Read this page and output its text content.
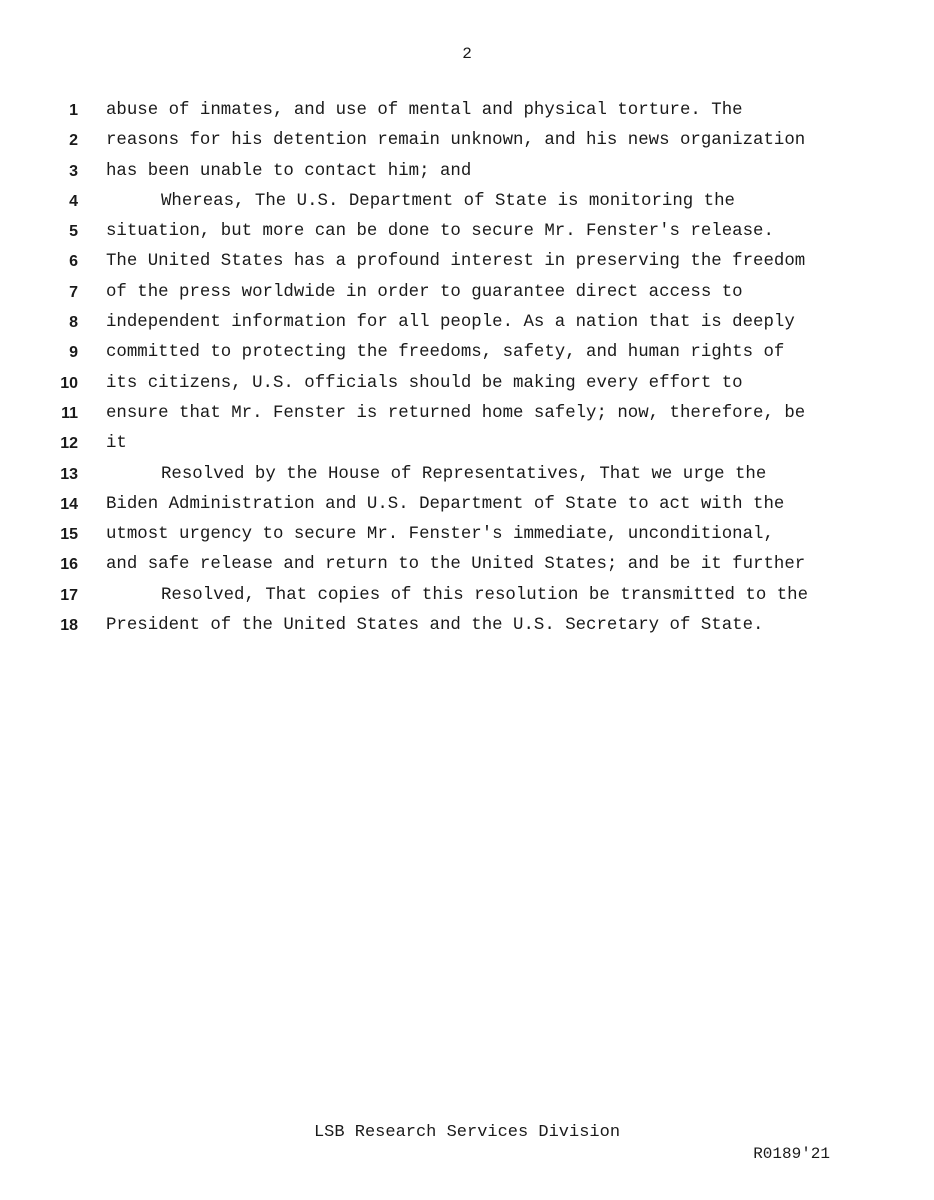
2
1 abuse of inmates, and use of mental and physical torture. The
2 reasons for his detention remain unknown, and his news organization
3 has been unable to contact him; and
4	Whereas, The U.S. Department of State is monitoring the
5 situation, but more can be done to secure Mr. Fenster's release.
6 The United States has a profound interest in preserving the freedom
7 of the press worldwide in order to guarantee direct access to
8 independent information for all people. As a nation that is deeply
9 committed to protecting the freedoms, safety, and human rights of
10 its citizens, U.S. officials should be making every effort to
11 ensure that Mr. Fenster is returned home safely; now, therefore, be
12 it
13	Resolved by the House of Representatives, That we urge the
14 Biden Administration and U.S. Department of State to act with the
15 utmost urgency to secure Mr. Fenster's immediate, unconditional,
16 and safe release and return to the United States; and be it further
17	Resolved, That copies of this resolution be transmitted to the
18 President of the United States and the U.S. Secretary of State.
LSB Research Services Division
R0189'21
